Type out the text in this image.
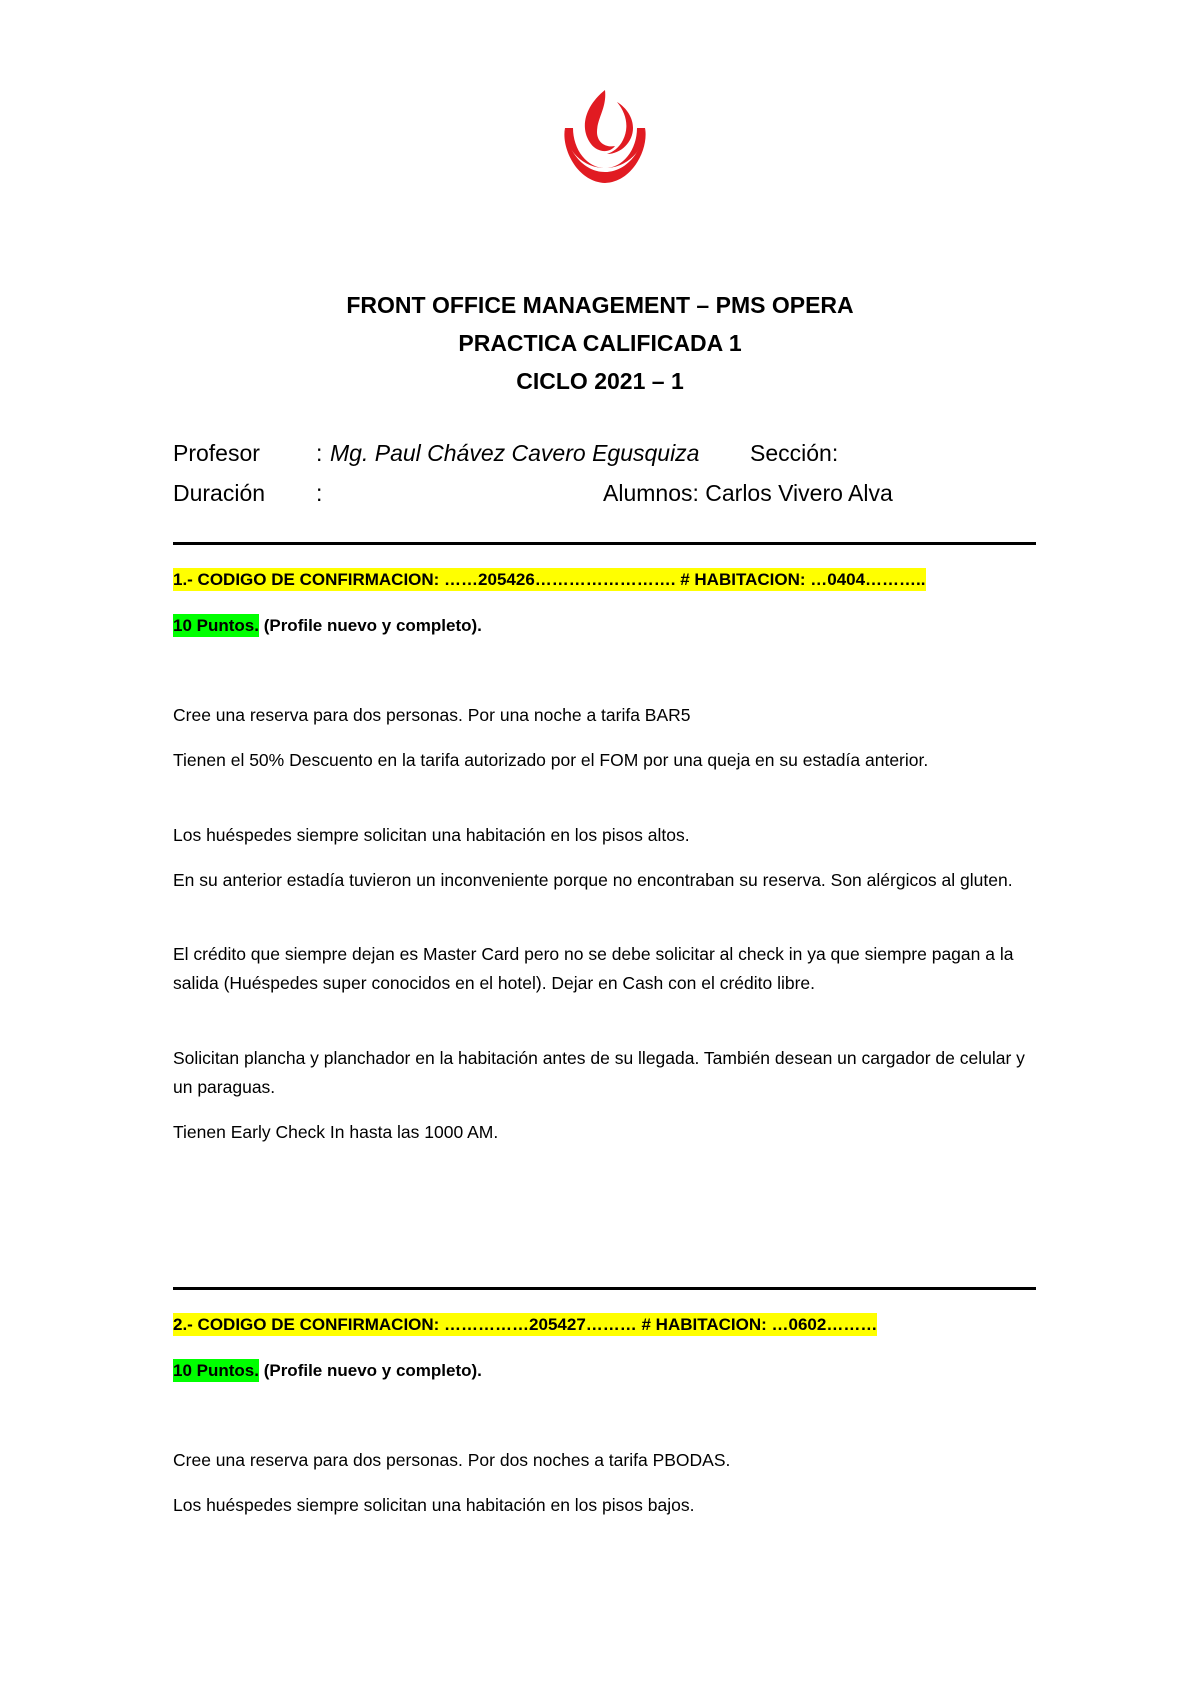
FRONT OFFICE MANAGEMENT – PMS OPERA
PRACTICA CALIFICADA 1
CICLO 2021 – 1
Profesor : Mg. Paul Chávez Cavero Egusquiza Sección:
Duración :	Alumnos: Carlos Vivero Alva
1.- CODIGO DE CONFIRMACION: ……205426……………………. # HABITACION: …0404………..
10 Puntos. (Profile nuevo y completo).
Cree una reserva para dos personas. Por una noche a tarifa BAR5
Tienen el 50% Descuento en la tarifa autorizado por el FOM por una queja en su estadía anterior.
Los huéspedes siempre solicitan una habitación en los pisos altos.
En su anterior estadía tuvieron un inconveniente porque no encontraban su reserva. Son alérgicos al gluten.
El crédito que siempre dejan es Master Card pero no se debe solicitar al check in ya que siempre pagan a la salida (Huéspedes super conocidos en el hotel). Dejar en Cash con el crédito libre.
Solicitan plancha y planchador en la habitación antes de su llegada. También desean un cargador de celular y un paraguas.
Tienen Early Check In hasta las 1000 AM.
2.- CODIGO DE CONFIRMACION: ……………205427……… # HABITACION: …0602………
10 Puntos. (Profile nuevo y completo).
Cree una reserva para dos personas. Por dos noches a tarifa PBODAS.
Los huéspedes siempre solicitan una habitación en los pisos bajos.
